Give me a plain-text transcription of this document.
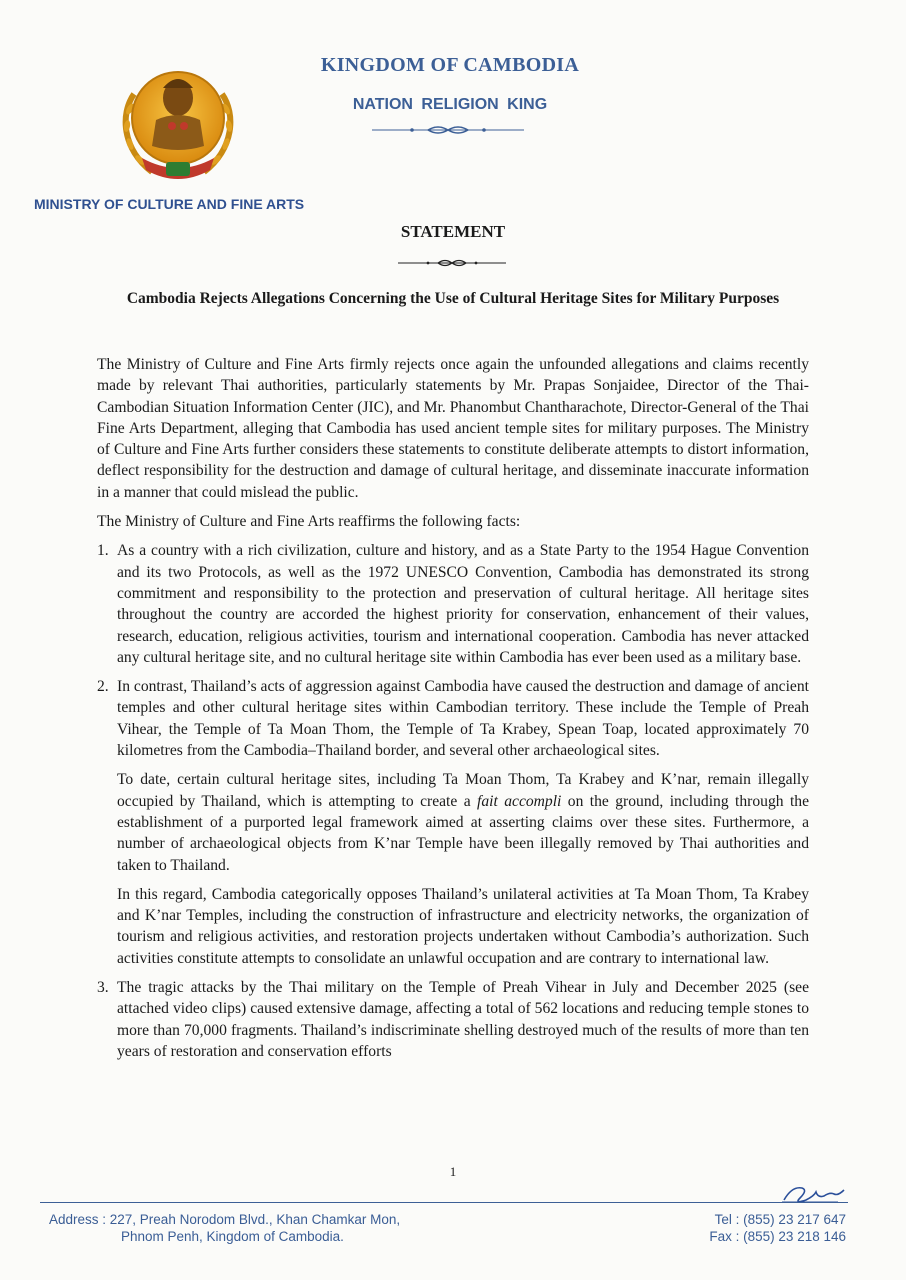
KINGDOM OF CAMBODIA
NATION RELIGION KING
MINISTRY OF CULTURE AND FINE ARTS
STATEMENT
Cambodia Rejects Allegations Concerning the Use of Cultural Heritage Sites for Military Purposes

The Ministry of Culture and Fine Arts firmly rejects once again the unfounded allegations and claims recently made by relevant Thai authorities, particularly statements by Mr. Prapas Sonjaidee, Director of the Thai-Cambodian Situation Information Center (JIC), and Mr. Phanombut Chantharachote, Director-General of the Thai Fine Arts Department, alleging that Cambodia has used ancient temple sites for military purposes. The Ministry of Culture and Fine Arts further considers these statements to constitute deliberate attempts to distort information, deflect responsibility for the destruction and damage of cultural heritage, and disseminate inaccurate information in a manner that could mislead the public.

The Ministry of Culture and Fine Arts reaffirms the following facts:

1. As a country with a rich civilization, culture and history, and as a State Party to the 1954 Hague Convention and its two Protocols, as well as the 1972 UNESCO Convention, Cambodia has demonstrated its strong commitment and responsibility to the protection and preservation of cultural heritage. All heritage sites throughout the country are accorded the highest priority for conservation, enhancement of their values, research, education, religious activities, tourism and international cooperation. Cambodia has never attacked any cultural heritage site, and no cultural heritage site within Cambodia has ever been used as a military base.

2. In contrast, Thailand’s acts of aggression against Cambodia have caused the destruction and damage of ancient temples and other cultural heritage sites within Cambodian territory. These include the Temple of Preah Vihear, the Temple of Ta Moan Thom, the Temple of Ta Krabey, Spean Toap, located approximately 70 kilometres from the Cambodia–Thailand border, and several other archaeological sites.

To date, certain cultural heritage sites, including Ta Moan Thom, Ta Krabey and K’nar, remain illegally occupied by Thailand, which is attempting to create a fait accompli on the ground, including through the establishment of a purported legal framework aimed at asserting claims over these sites. Furthermore, a number of archaeological objects from K’nar Temple have been illegally removed by Thai authorities and taken to Thailand.

In this regard, Cambodia categorically opposes Thailand’s unilateral activities at Ta Moan Thom, Ta Krabey and K’nar Temples, including the construction of infrastructure and electricity networks, the organization of tourism and religious activities, and restoration projects undertaken without Cambodia’s authorization. Such activities constitute attempts to consolidate an unlawful occupation and are contrary to international law.

3. The tragic attacks by the Thai military on the Temple of Preah Vihear in July and December 2025 (see attached video clips) caused extensive damage, affecting a total of 562 locations and reducing temple stones to more than 70,000 fragments. Thailand’s indiscriminate shelling destroyed much of the results of more than ten years of restoration and conservation efforts

1
Address : 227, Preah Norodom Blvd., Khan Chamkar Mon,
Phnom Penh, Kingdom of Cambodia.
Tel : (855) 23 217 647
Fax : (855) 23 218 146
